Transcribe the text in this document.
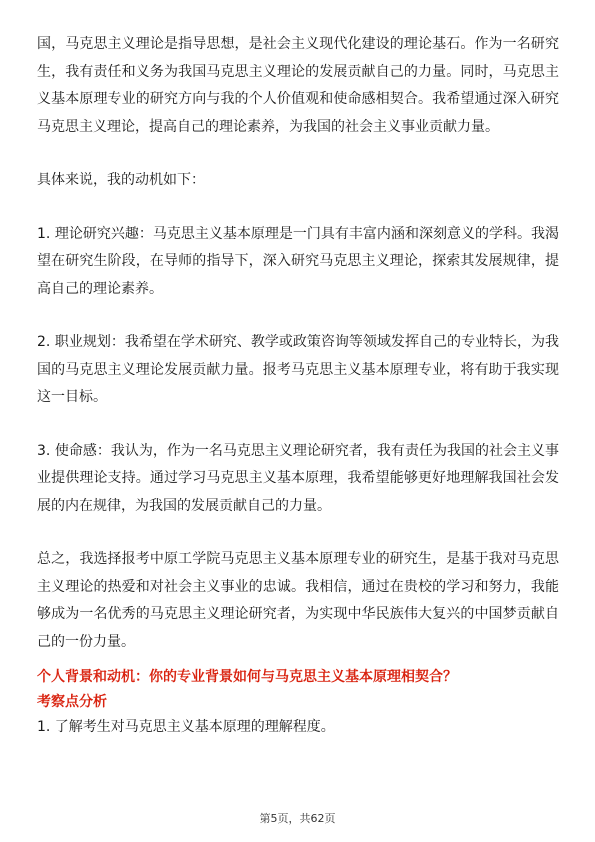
国，马克思主义理论是指导思想，是社会主义现代化建设的理论基石。作为一名研究生，我有责任和义务为我国马克思主义理论的发展贡献自己的力量。同时，马克思主义基本原理专业的研究方向与我的个人价值观和使命感相契合。我希望通过深入研究马克思主义理论，提高自己的理论素养，为我国的社会主义事业贡献力量。

具体来说，我的动机如下：

1. 理论研究兴趣：马克思主义基本原理是一门具有丰富内涵和深刻意义的学科。我渴望在研究生阶段，在导师的指导下，深入研究马克思主义理论，探索其发展规律，提高自己的理论素养。

2. 职业规划：我希望在学术研究、教学或政策咨询等领域发挥自己的专业特长，为我国的马克思主义理论发展贡献力量。报考马克思主义基本原理专业，将有助于我实现这一目标。

3. 使命感：我认为，作为一名马克思主义理论研究者，我有责任为我国的社会主义事业提供理论支持。通过学习马克思主义基本原理，我希望能够更好地理解我国社会发展的内在规律，为我国的发展贡献自己的力量。

总之，我选择报考中原工学院马克思主义基本原理专业的研究生，是基于我对马克思主义理论的热爱和对社会主义事业的忠诚。我相信，通过在贵校的学习和努力，我能够成为一名优秀的马克思主义理论研究者，为实现中华民族伟大复兴的中国梦贡献自己的一份力量。

个人背景和动机：你的专业背景如何与马克思主义基本原理相契合？

考察点分析

1. 了解考生对马克思主义基本原理的理解程度。

第5页，共62页
